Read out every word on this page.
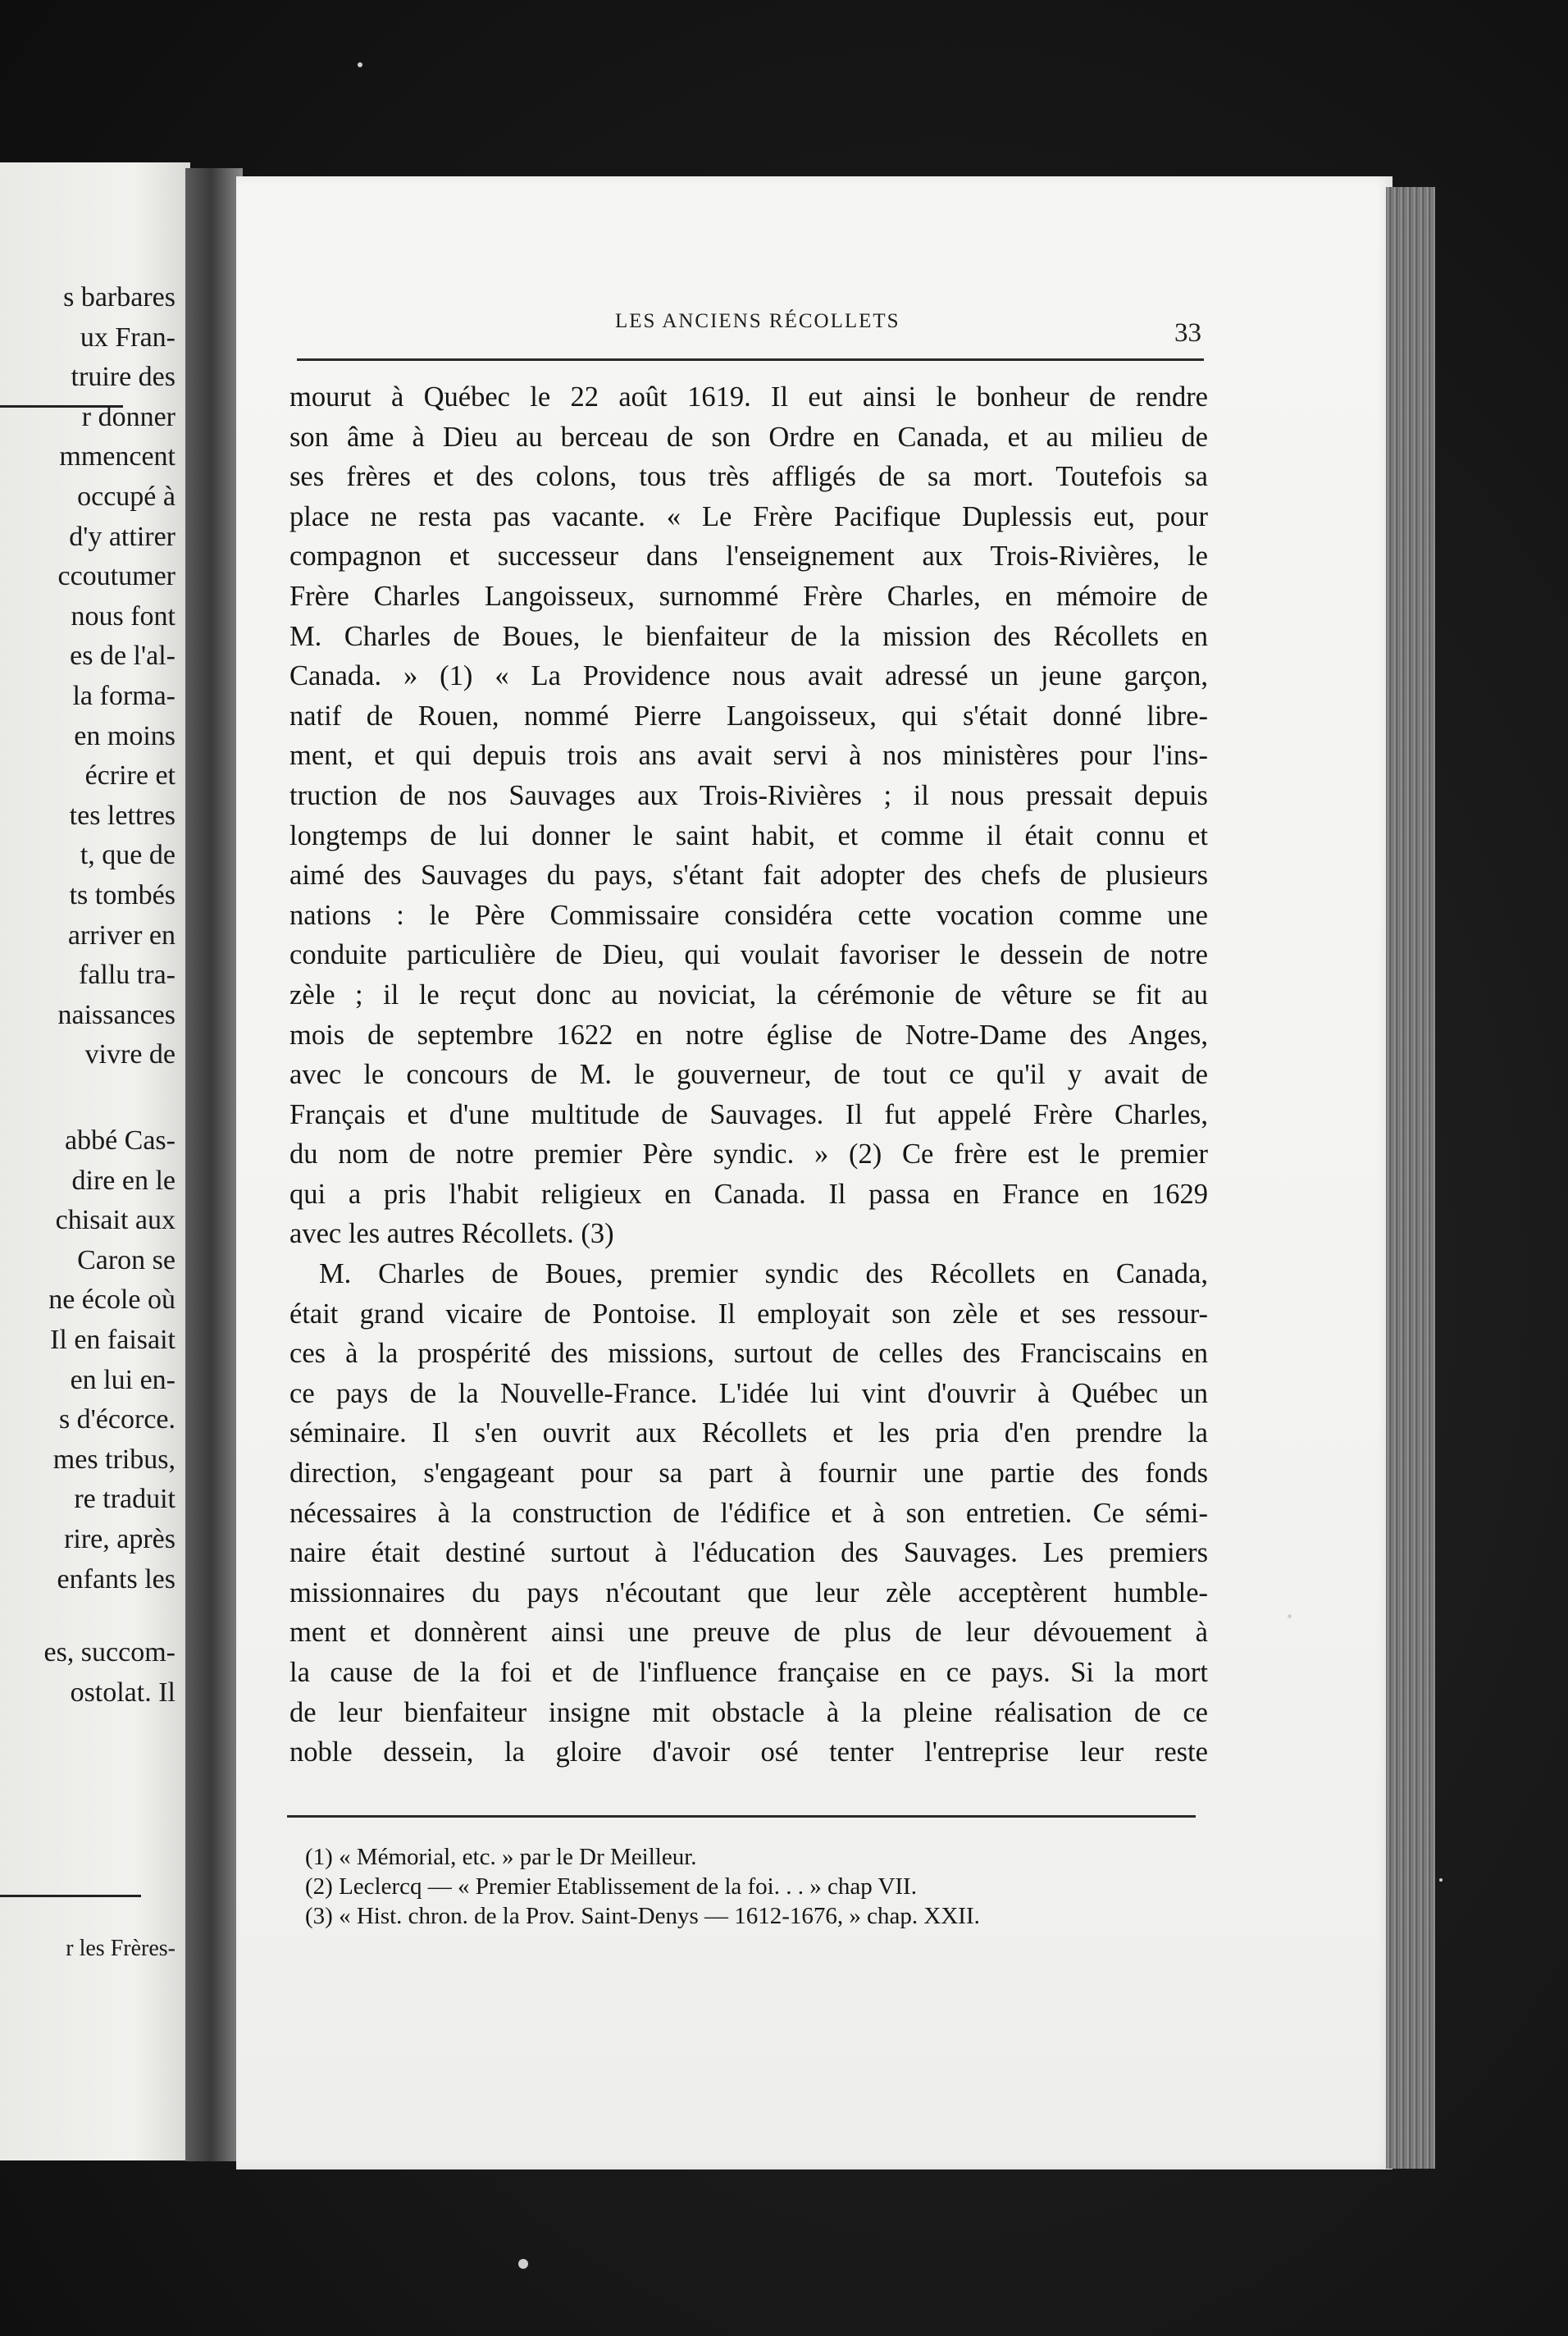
s barbares
ux Fran-
truire des
r donner
mmencent
occupé à
d'y attirer
ccoutumer
nous font
es de l'al-
la forma-
en moins
écrire et
tes lettres
t, que de
ts tombés
arriver en
fallu tra-
naissances
vivre de
abbé Cas-
dire en le
chisait aux
Caron se
ne école où
Il en faisait
en lui en-
s d'écorce.
mes tribus,
re traduit
rire, après
enfants les
es, succom-
ostolat. Il
r les Frères-
LES ANCIENS RÉCOLLETS	33
mourut à Québec le 22 août 1619. Il eut ainsi le bonheur de rendre
son âme à Dieu au berceau de son Ordre en Canada, et au milieu de
ses frères et des colons, tous très affligés de sa mort. Toutefois sa
place ne resta pas vacante. « Le Frère Pacifique Duplessis eut, pour
compagnon et successeur dans l'enseignement aux Trois-Rivières, le
Frère Charles Langoisseux, surnommé Frère Charles, en mémoire de
M. Charles de Boues, le bienfaiteur de la mission des Récollets en
Canada. » (1) « La Providence nous avait adressé un jeune garçon,
natif de Rouen, nommé Pierre Langoisseux, qui s'était donné libre-
ment, et qui depuis trois ans avait servi à nos ministères pour l'ins-
truction de nos Sauvages aux Trois-Rivières ; il nous pressait depuis
longtemps de lui donner le saint habit, et comme il était connu et
aimé des Sauvages du pays, s'étant fait adopter des chefs de plusieurs
nations : le Père Commissaire considéra cette vocation comme une
conduite particulière de Dieu, qui voulait favoriser le dessein de notre
zèle ; il le reçut donc au noviciat, la cérémonie de vêture se fit au
mois de septembre 1622 en notre église de Notre-Dame des Anges,
avec le concours de M. le gouverneur, de tout ce qu'il y avait de
Français et d'une multitude de Sauvages. Il fut appelé Frère Charles,
du nom de notre premier Père syndic. » (2) Ce frère est le premier
qui a pris l'habit religieux en Canada. Il passa en France en 1629
avec les autres Récollets. (3)
M. Charles de Boues, premier syndic des Récollets en Canada,
était grand vicaire de Pontoise. Il employait son zèle et ses ressour-
ces à la prospérité des missions, surtout de celles des Franciscains en
ce pays de la Nouvelle-France. L'idée lui vint d'ouvrir à Québec un
séminaire. Il s'en ouvrit aux Récollets et les pria d'en prendre la
direction, s'engageant pour sa part à fournir une partie des fonds
nécessaires à la construction de l'édifice et à son entretien. Ce sémi-
naire était destiné surtout à l'éducation des Sauvages. Les premiers
missionnaires du pays n'écoutant que leur zèle acceptèrent humble-
ment et donnèrent ainsi une preuve de plus de leur dévouement à
la cause de la foi et de l'influence française en ce pays. Si la mort
de leur bienfaiteur insigne mit obstacle à la pleine réalisation de ce
noble dessein, la gloire d'avoir osé tenter l'entreprise leur reste
(1) « Mémorial, etc. » par le Dr Meilleur.
(2) Leclercq — « Premier Etablissement de la foi. . . » chap VII.
(3) « Hist. chron. de la Prov. Saint-Denys — 1612-1676, » chap. XXII.
